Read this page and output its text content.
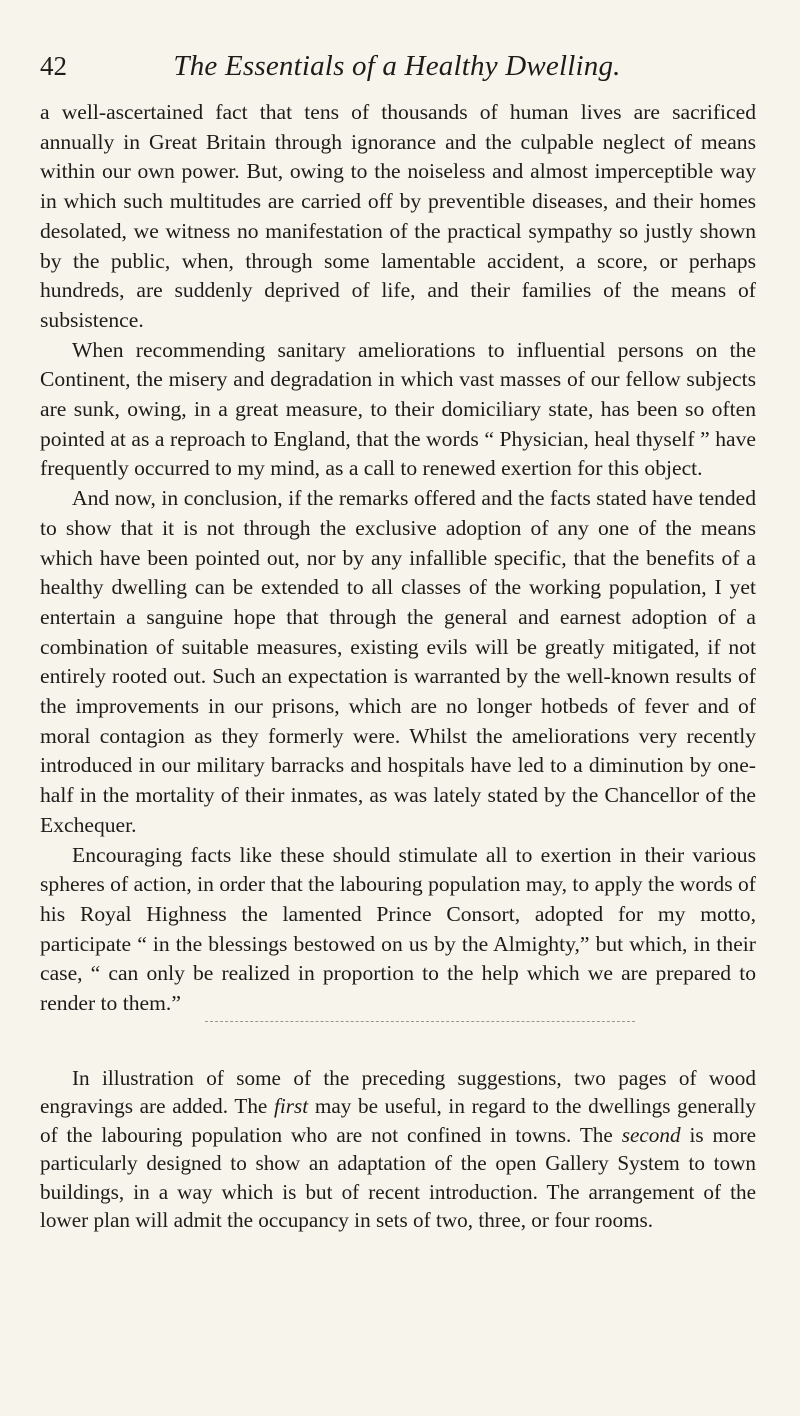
42	The Essentials of a Healthy Dwelling.

a well-ascertained fact that tens of thousands of human lives are sacrificed annually in Great Britain through ignorance and the culpable neglect of means within our own power. But, owing to the noiseless and almost imperceptible way in which such multitudes are carried off by preventible diseases, and their homes desolated, we witness no manifestation of the practical sympathy so justly shown by the public, when, through some lamentable accident, a score, or perhaps hundreds, are suddenly deprived of life, and their families of the means of subsistence.

When recommending sanitary ameliorations to influential persons on the Continent, the misery and degradation in which vast masses of our fellow subjects are sunk, owing, in a great measure, to their domiciliary state, has been so often pointed at as a reproach to England, that the words “ Physician, heal thyself ” have frequently occurred to my mind, as a call to renewed exertion for this object.

And now, in conclusion, if the remarks offered and the facts stated have tended to show that it is not through the exclusive adoption of any one of the means which have been pointed out, nor by any infallible specific, that the benefits of a healthy dwelling can be extended to all classes of the working population, I yet entertain a sanguine hope that through the general and earnest adoption of a combination of suitable measures, existing evils will be greatly mitigated, if not entirely rooted out. Such an expectation is warranted by the well-known results of the improvements in our prisons, which are no longer hotbeds of fever and of moral contagion as they formerly were. Whilst the ameliorations very recently introduced in our military barracks and hospitals have led to a diminution by one-half in the mortality of their inmates, as was lately stated by the Chancellor of the Exchequer.

Encouraging facts like these should stimulate all to exertion in their various spheres of action, in order that the labouring population may, to apply the words of his Royal Highness the lamented Prince Consort, adopted for my motto, participate “ in the blessings bestowed on us by the Almighty,” but which, in their case, “ can only be realized in proportion to the help which we are prepared to render to them.”

In illustration of some of the preceding suggestions, two pages of wood engravings are added. The first may be useful, in regard to the dwellings generally of the labouring population who are not confined in towns. The second is more particularly designed to show an adaptation of the open Gallery System to town buildings, in a way which is but of recent introduction. The arrangement of the lower plan will admit the occupancy in sets of two, three, or four rooms.
